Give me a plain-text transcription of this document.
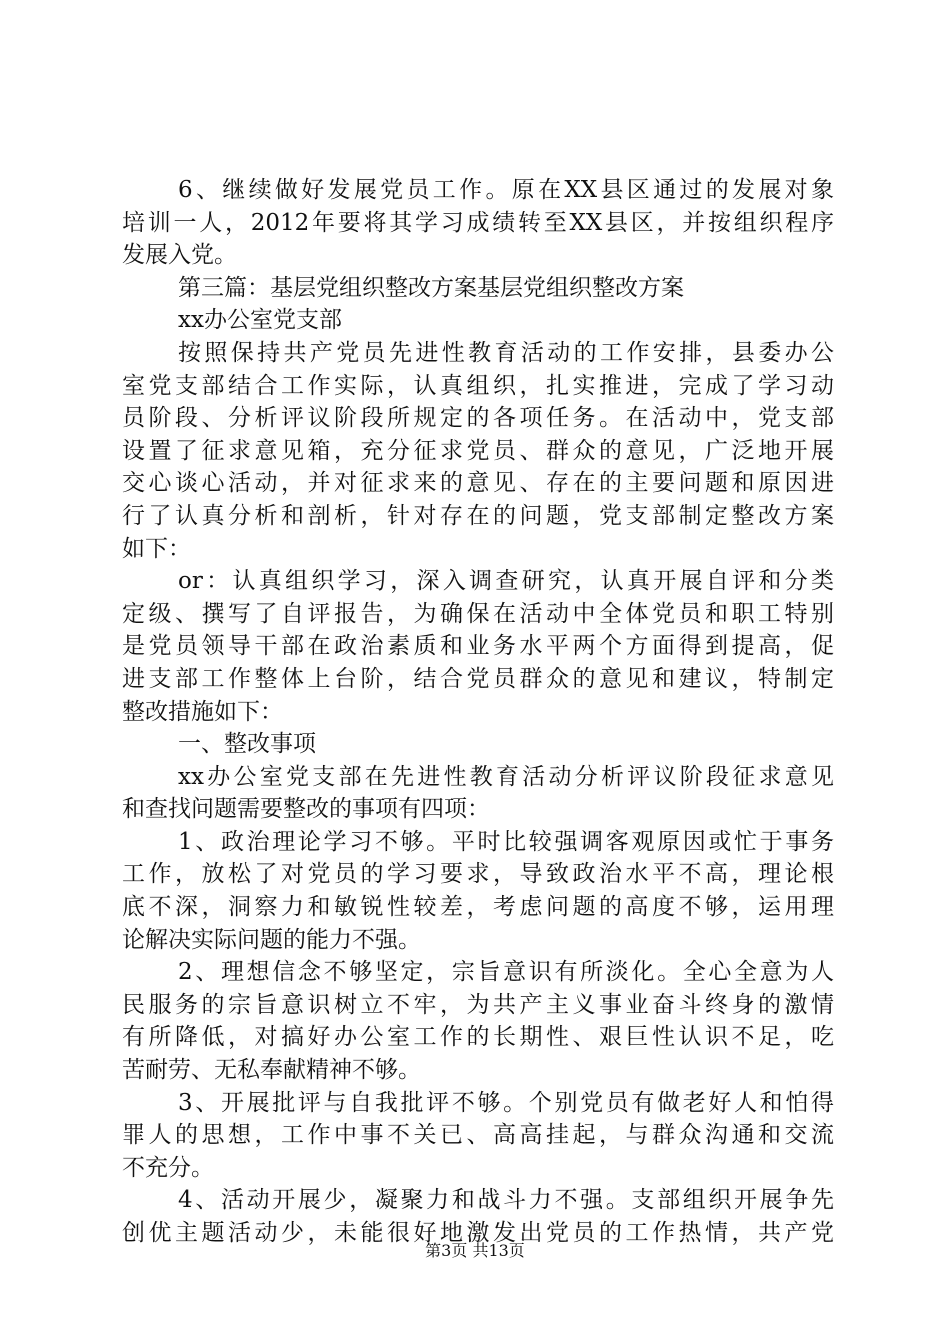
6、继续做好发展党员工作。原在XX县区通过的发展对象
培训一人，2012年要将其学习成绩转至XX县区，并按组织程序
发展入党。
第三篇：基层党组织整改方案基层党组织整改方案
xx办公室党支部
按照保持共产党员先进性教育活动的工作安排，县委办公
室党支部结合工作实际，认真组织，扎实推进，完成了学习动
员阶段、分析评议阶段所规定的各项任务。在活动中，党支部
设置了征求意见箱，充分征求党员、群众的意见，广泛地开展
交心谈心活动，并对征求来的意见、存在的主要问题和原因进
行了认真分析和剖析，针对存在的问题，党支部制定整改方案
如下：
or：认真组织学习，深入调查研究，认真开展自评和分类
定级、撰写了自评报告，为确保在活动中全体党员和职工特别
是党员领导干部在政治素质和业务水平两个方面得到提高，促
进支部工作整体上台阶，结合党员群众的意见和建议，特制定
整改措施如下：
一、整改事项
xx办公室党支部在先进性教育活动分析评议阶段征求意见
和查找问题需要整改的事项有四项：
1、政治理论学习不够。平时比较强调客观原因或忙于事务
工作，放松了对党员的学习要求，导致政治水平不高，理论根
底不深，洞察力和敏锐性较差，考虑问题的高度不够，运用理
论解决实际问题的能力不强。
2、理想信念不够坚定，宗旨意识有所淡化。全心全意为人
民服务的宗旨意识树立不牢，为共产主义事业奋斗终身的激情
有所降低，对搞好办公室工作的长期性、艰巨性认识不足，吃
苦耐劳、无私奉献精神不够。
3、开展批评与自我批评不够。个别党员有做老好人和怕得
罪人的思想，工作中事不关已、高高挂起，与群众沟通和交流
不充分。
4、活动开展少，凝聚力和战斗力不强。支部组织开展争先
创优主题活动少，未能很好地激发出党员的工作热情，共产党
第3页 共13页
